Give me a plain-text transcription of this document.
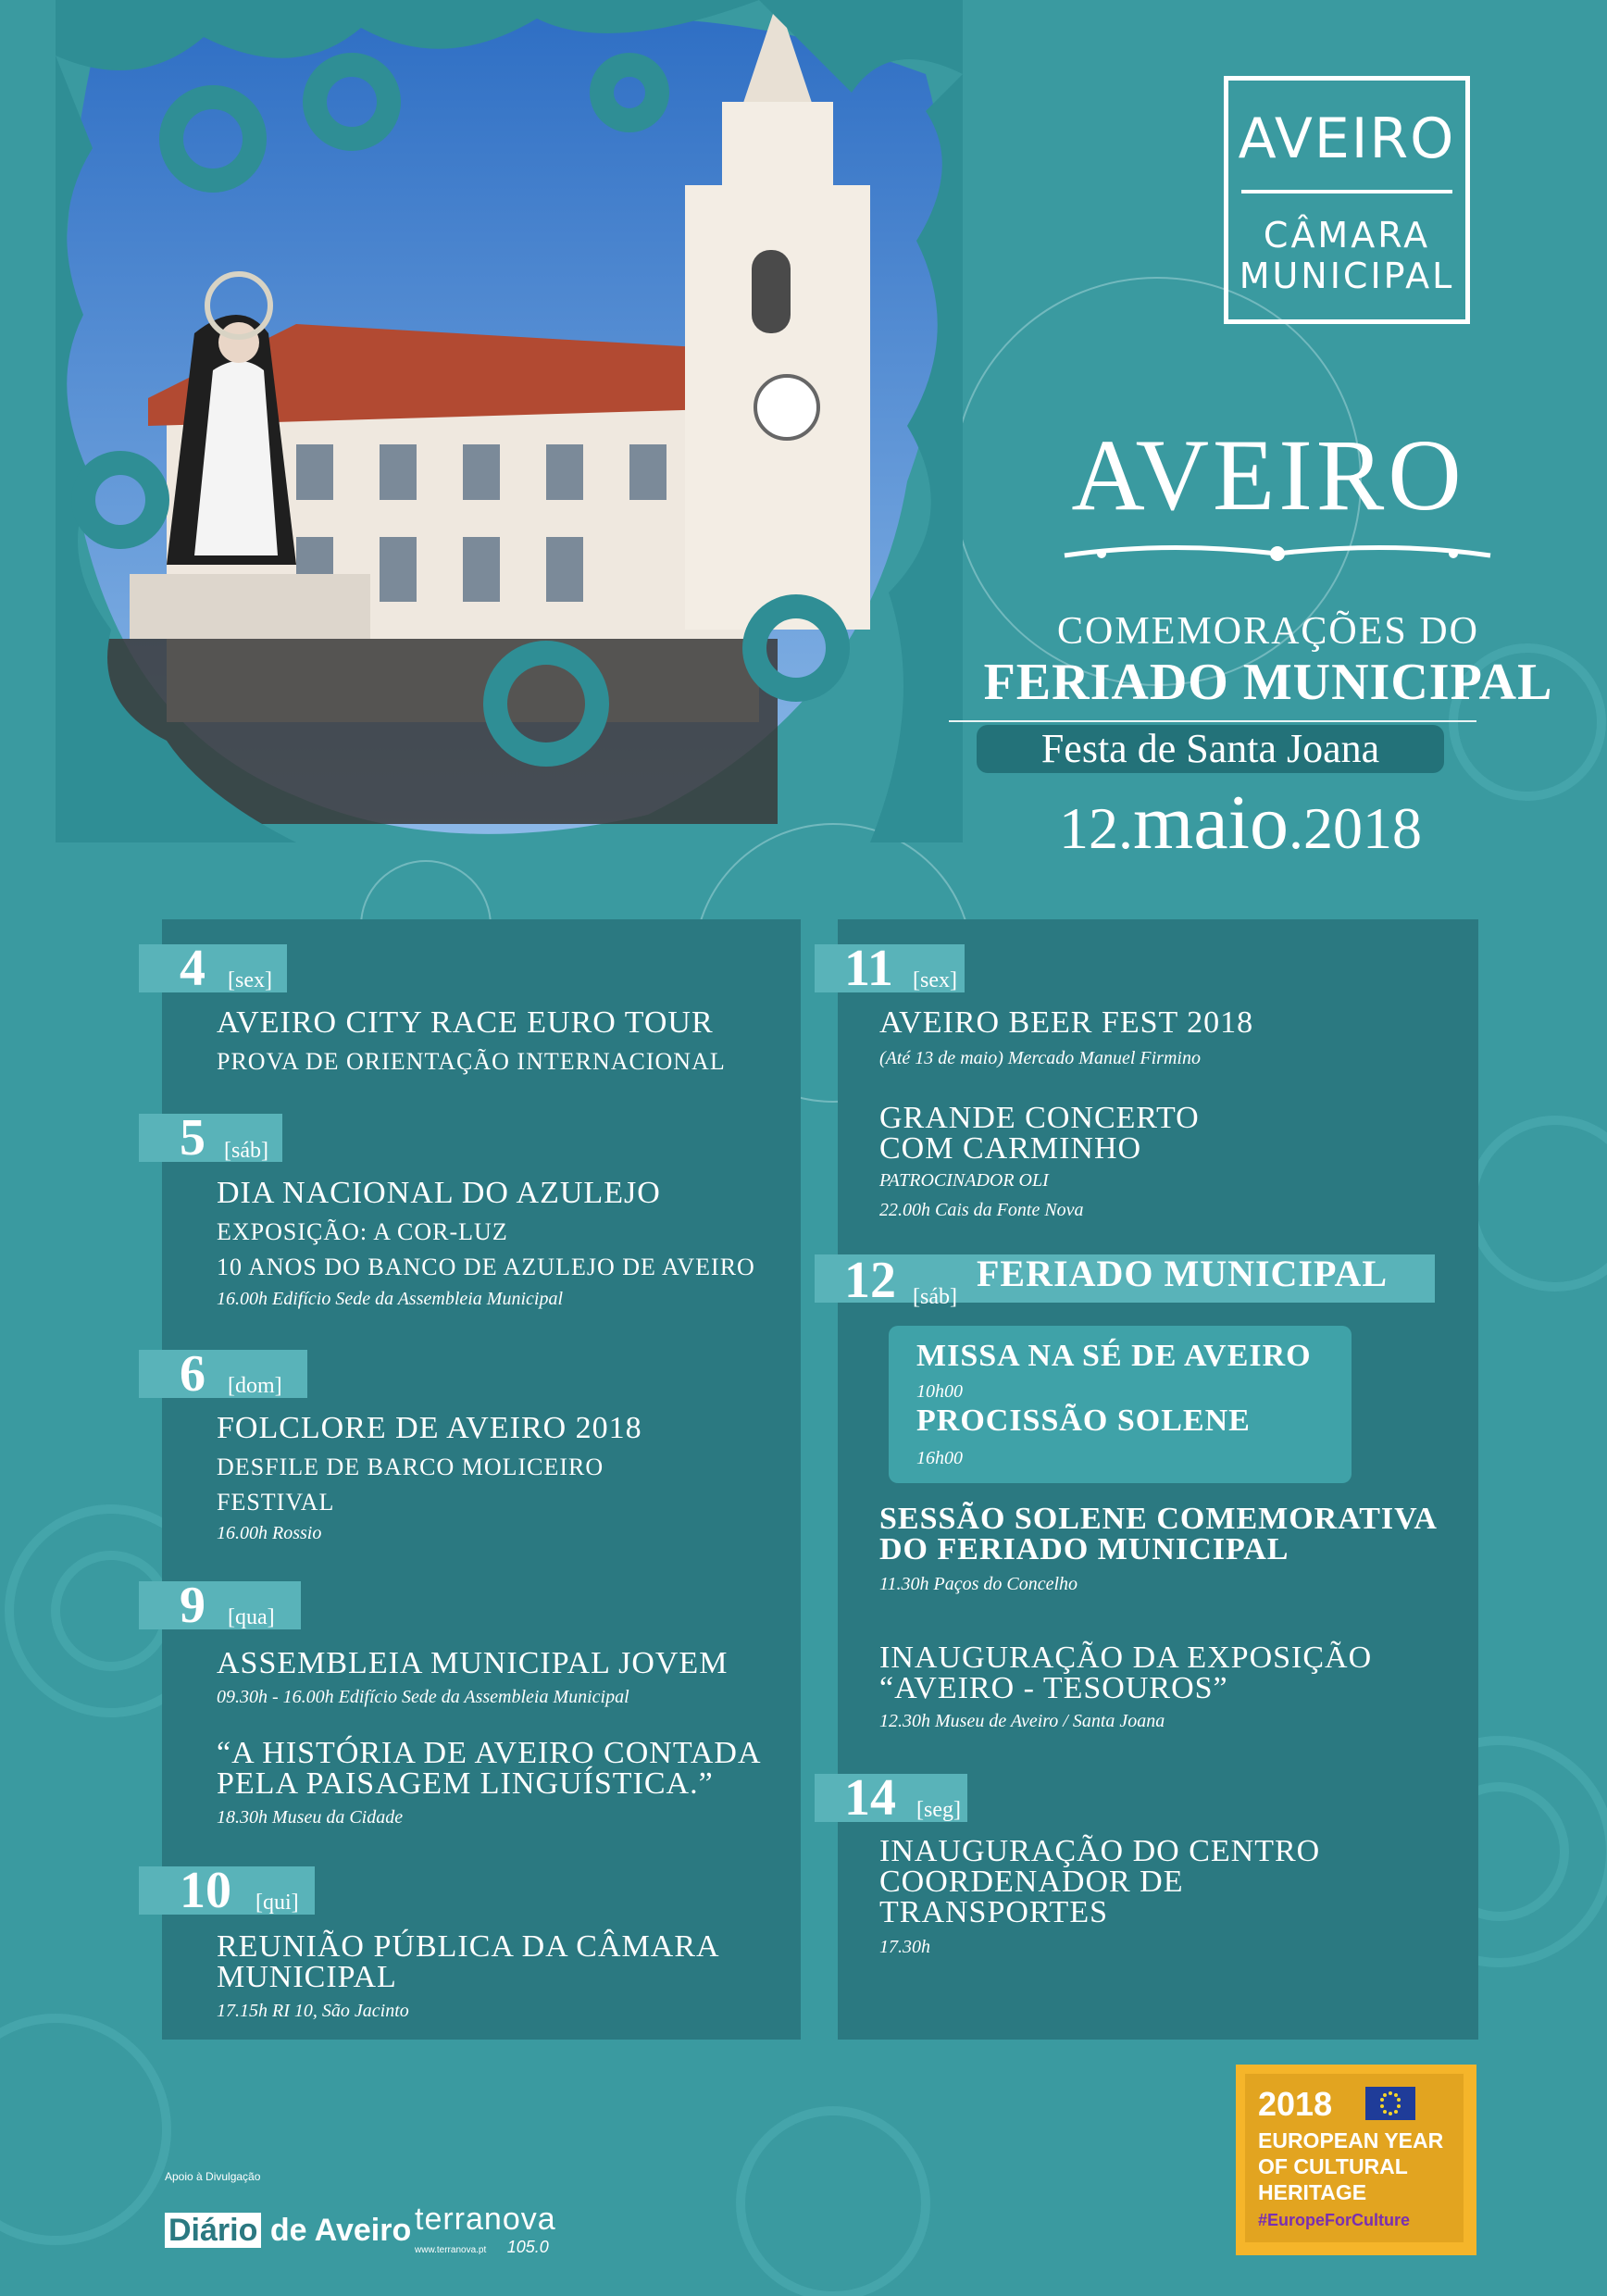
AVEIRO
CÂMARA
MUNICIPAL
AVEIRO
COMEMORAÇÕES DO
FERIADO MUNICIPAL
Festa de Santa Joana
12.maio.2018
4 [sex]
AVEIRO CITY RACE EURO TOUR
PROVA DE ORIENTAÇÃO INTERNACIONAL
5 [sáb]
DIA NACIONAL DO AZULEJO
EXPOSIÇÃO: A COR-LUZ
10 ANOS DO BANCO DE AZULEJO DE AVEIRO
16.00h Edifício Sede da Assembleia Municipal
6 [dom]
FOLCLORE DE AVEIRO 2018
DESFILE DE BARCO MOLICEIRO
FESTIVAL
16.00h Rossio
9 [qua]
ASSEMBLEIA MUNICIPAL JOVEM
09.30h - 16.00h Edifício Sede da Assembleia Municipal
“A HISTÓRIA DE AVEIRO CONTADA
PELA PAISAGEM LINGUÍSTICA.”
18.30h Museu da Cidade
10 [qui]
REUNIÃO PÚBLICA DA CÂMARA
MUNICIPAL
17.15h RI 10, São Jacinto
11 [sex]
AVEIRO BEER FEST 2018
(Até 13 de maio) Mercado Manuel Firmino
GRANDE CONCERTO
COM CARMINHO
PATROCINADOR OLI
22.00h Cais da Fonte Nova
12 [sáb]
FERIADO MUNICIPAL
MISSA NA SÉ DE AVEIRO
10h00
PROCISSÃO SOLENE
16h00
SESSÃO SOLENE COMEMORATIVA
DO FERIADO MUNICIPAL
11.30h Paços do Concelho
INAUGURAÇÃO DA EXPOSIÇÃO
“AVEIRO - TESOUROS”
12.30h Museu de Aveiro / Santa Joana
14 [seg]
INAUGURAÇÃO DO CENTRO
COORDENADOR DE
TRANSPORTES
17.30h
2018
EUROPEAN YEAR
OF CULTURAL
HERITAGE
#EuropeForCulture
Apoio à Divulgação
Diário de Aveiro terranova
www.terranova.pt 105.0
